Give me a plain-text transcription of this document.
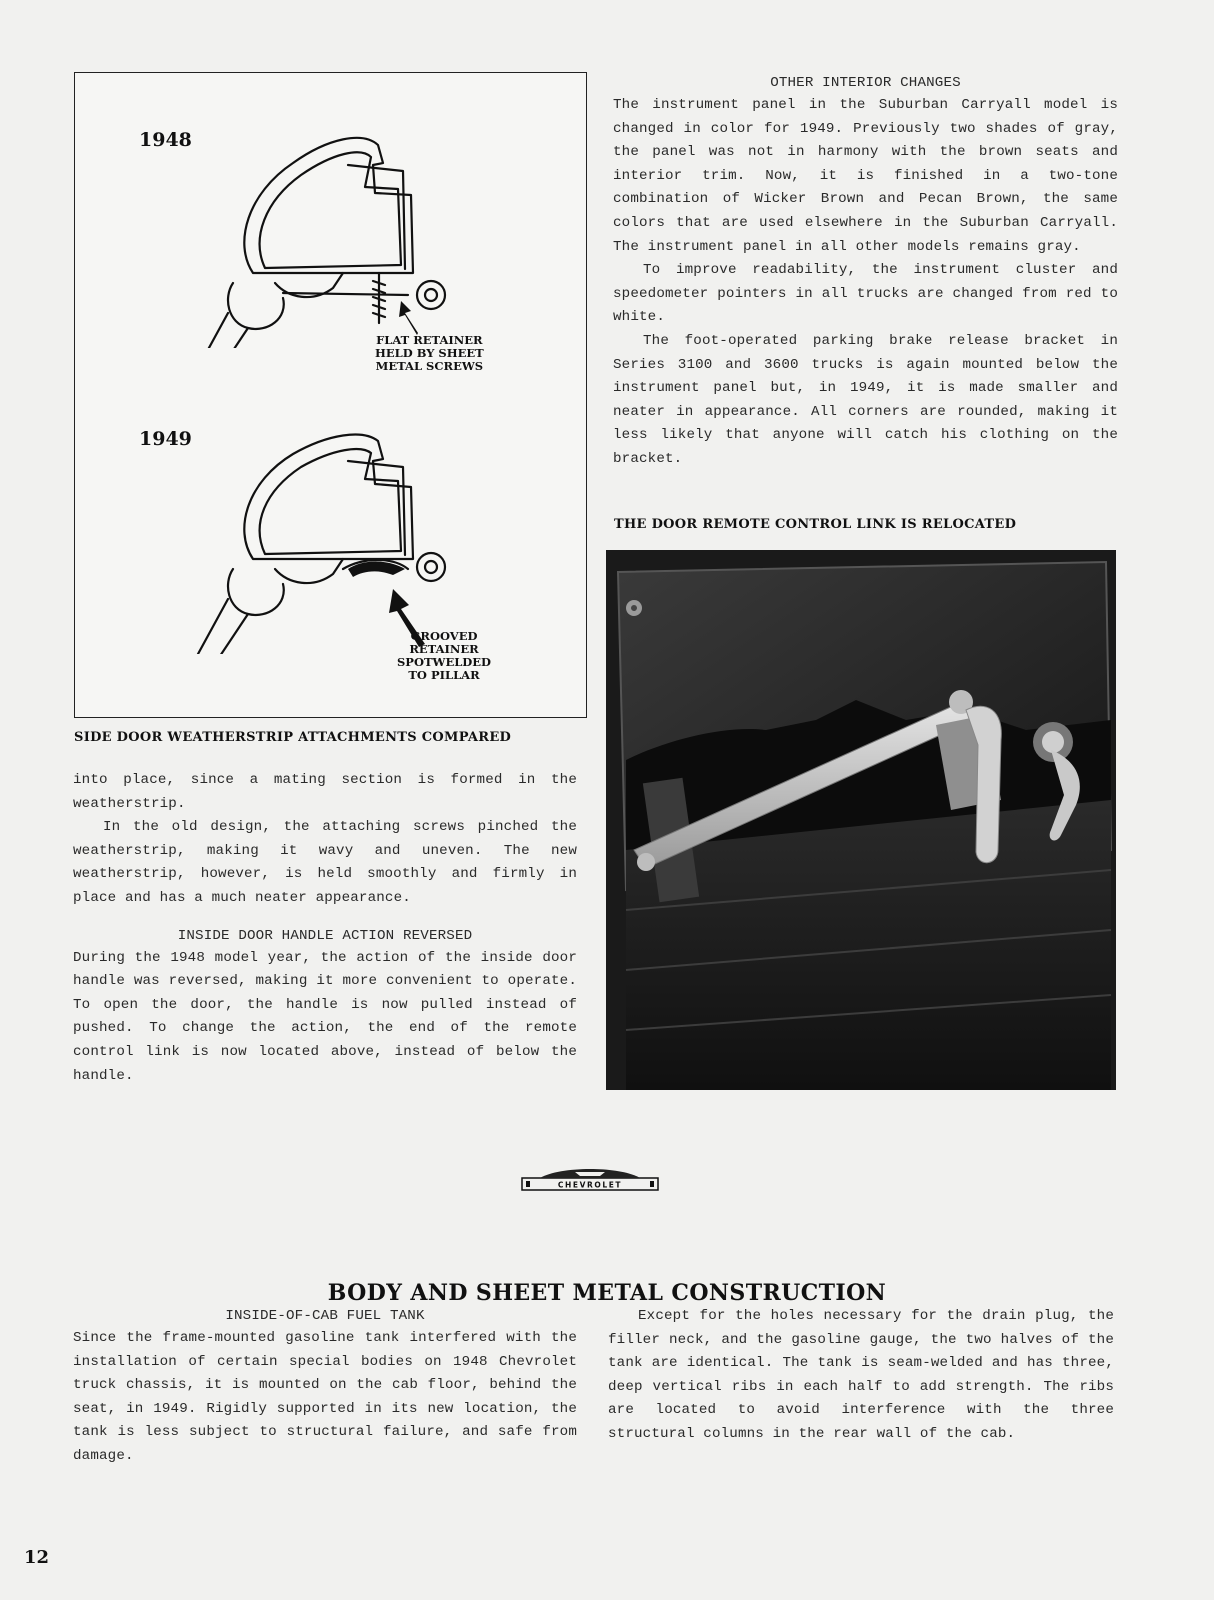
1948
FLAT RETAINER
HELD BY SHEET
METAL SCREWS
1949
GROOVED
RETAINER
SPOTWELDED
TO PILLAR
SIDE DOOR WEATHERSTRIP ATTACHMENTS COMPARED

into place, since a mating section is formed in the weatherstrip.

In the old design, the attaching screws pinched the weatherstrip, making it wavy and uneven. The new weatherstrip, however, is held smoothly and firmly in place and has a much neater appearance.

INSIDE DOOR HANDLE ACTION REVERSED

During the 1948 model year, the action of the inside door handle was reversed, making it more convenient to operate. To open the door, the handle is now pulled instead of pushed. To change the action, the end of the remote control link is now located above, instead of below the handle.

OTHER INTERIOR CHANGES

The instrument panel in the Suburban Carryall model is changed in color for 1949. Previously two shades of gray, the panel was not in harmony with the brown seats and interior trim. Now, it is finished in a two-tone combination of Wicker Brown and Pecan Brown, the same colors that are used elsewhere in the Suburban Carryall. The instrument panel in all other models remains gray.

To improve readability, the instrument cluster and speedometer pointers in all trucks are changed from red to white.

The foot-operated parking brake release bracket in Series 3100 and 3600 trucks is again mounted below the instrument panel but, in 1949, it is made smaller and neater in appearance. All corners are rounded, making it less likely that anyone will catch his clothing on the bracket.

THE DOOR REMOTE CONTROL LINK IS RELOCATED
CHEVROLET
BODY AND SHEET METAL CONSTRUCTION

INSIDE-OF-CAB FUEL TANK

Since the frame-mounted gasoline tank interfered with the installation of certain special bodies on 1948 Chevrolet truck chassis, it is mounted on the cab floor, behind the seat, in 1949. Rigidly supported in its new location, the tank is less subject to structural failure, and safe from damage.

Except for the holes necessary for the drain plug, the filler neck, and the gasoline gauge, the two halves of the tank are identical. The tank is seam-welded and has three, deep vertical ribs in each half to add strength. The ribs are located to avoid interference with the three structural columns in the rear wall of the cab.

12
